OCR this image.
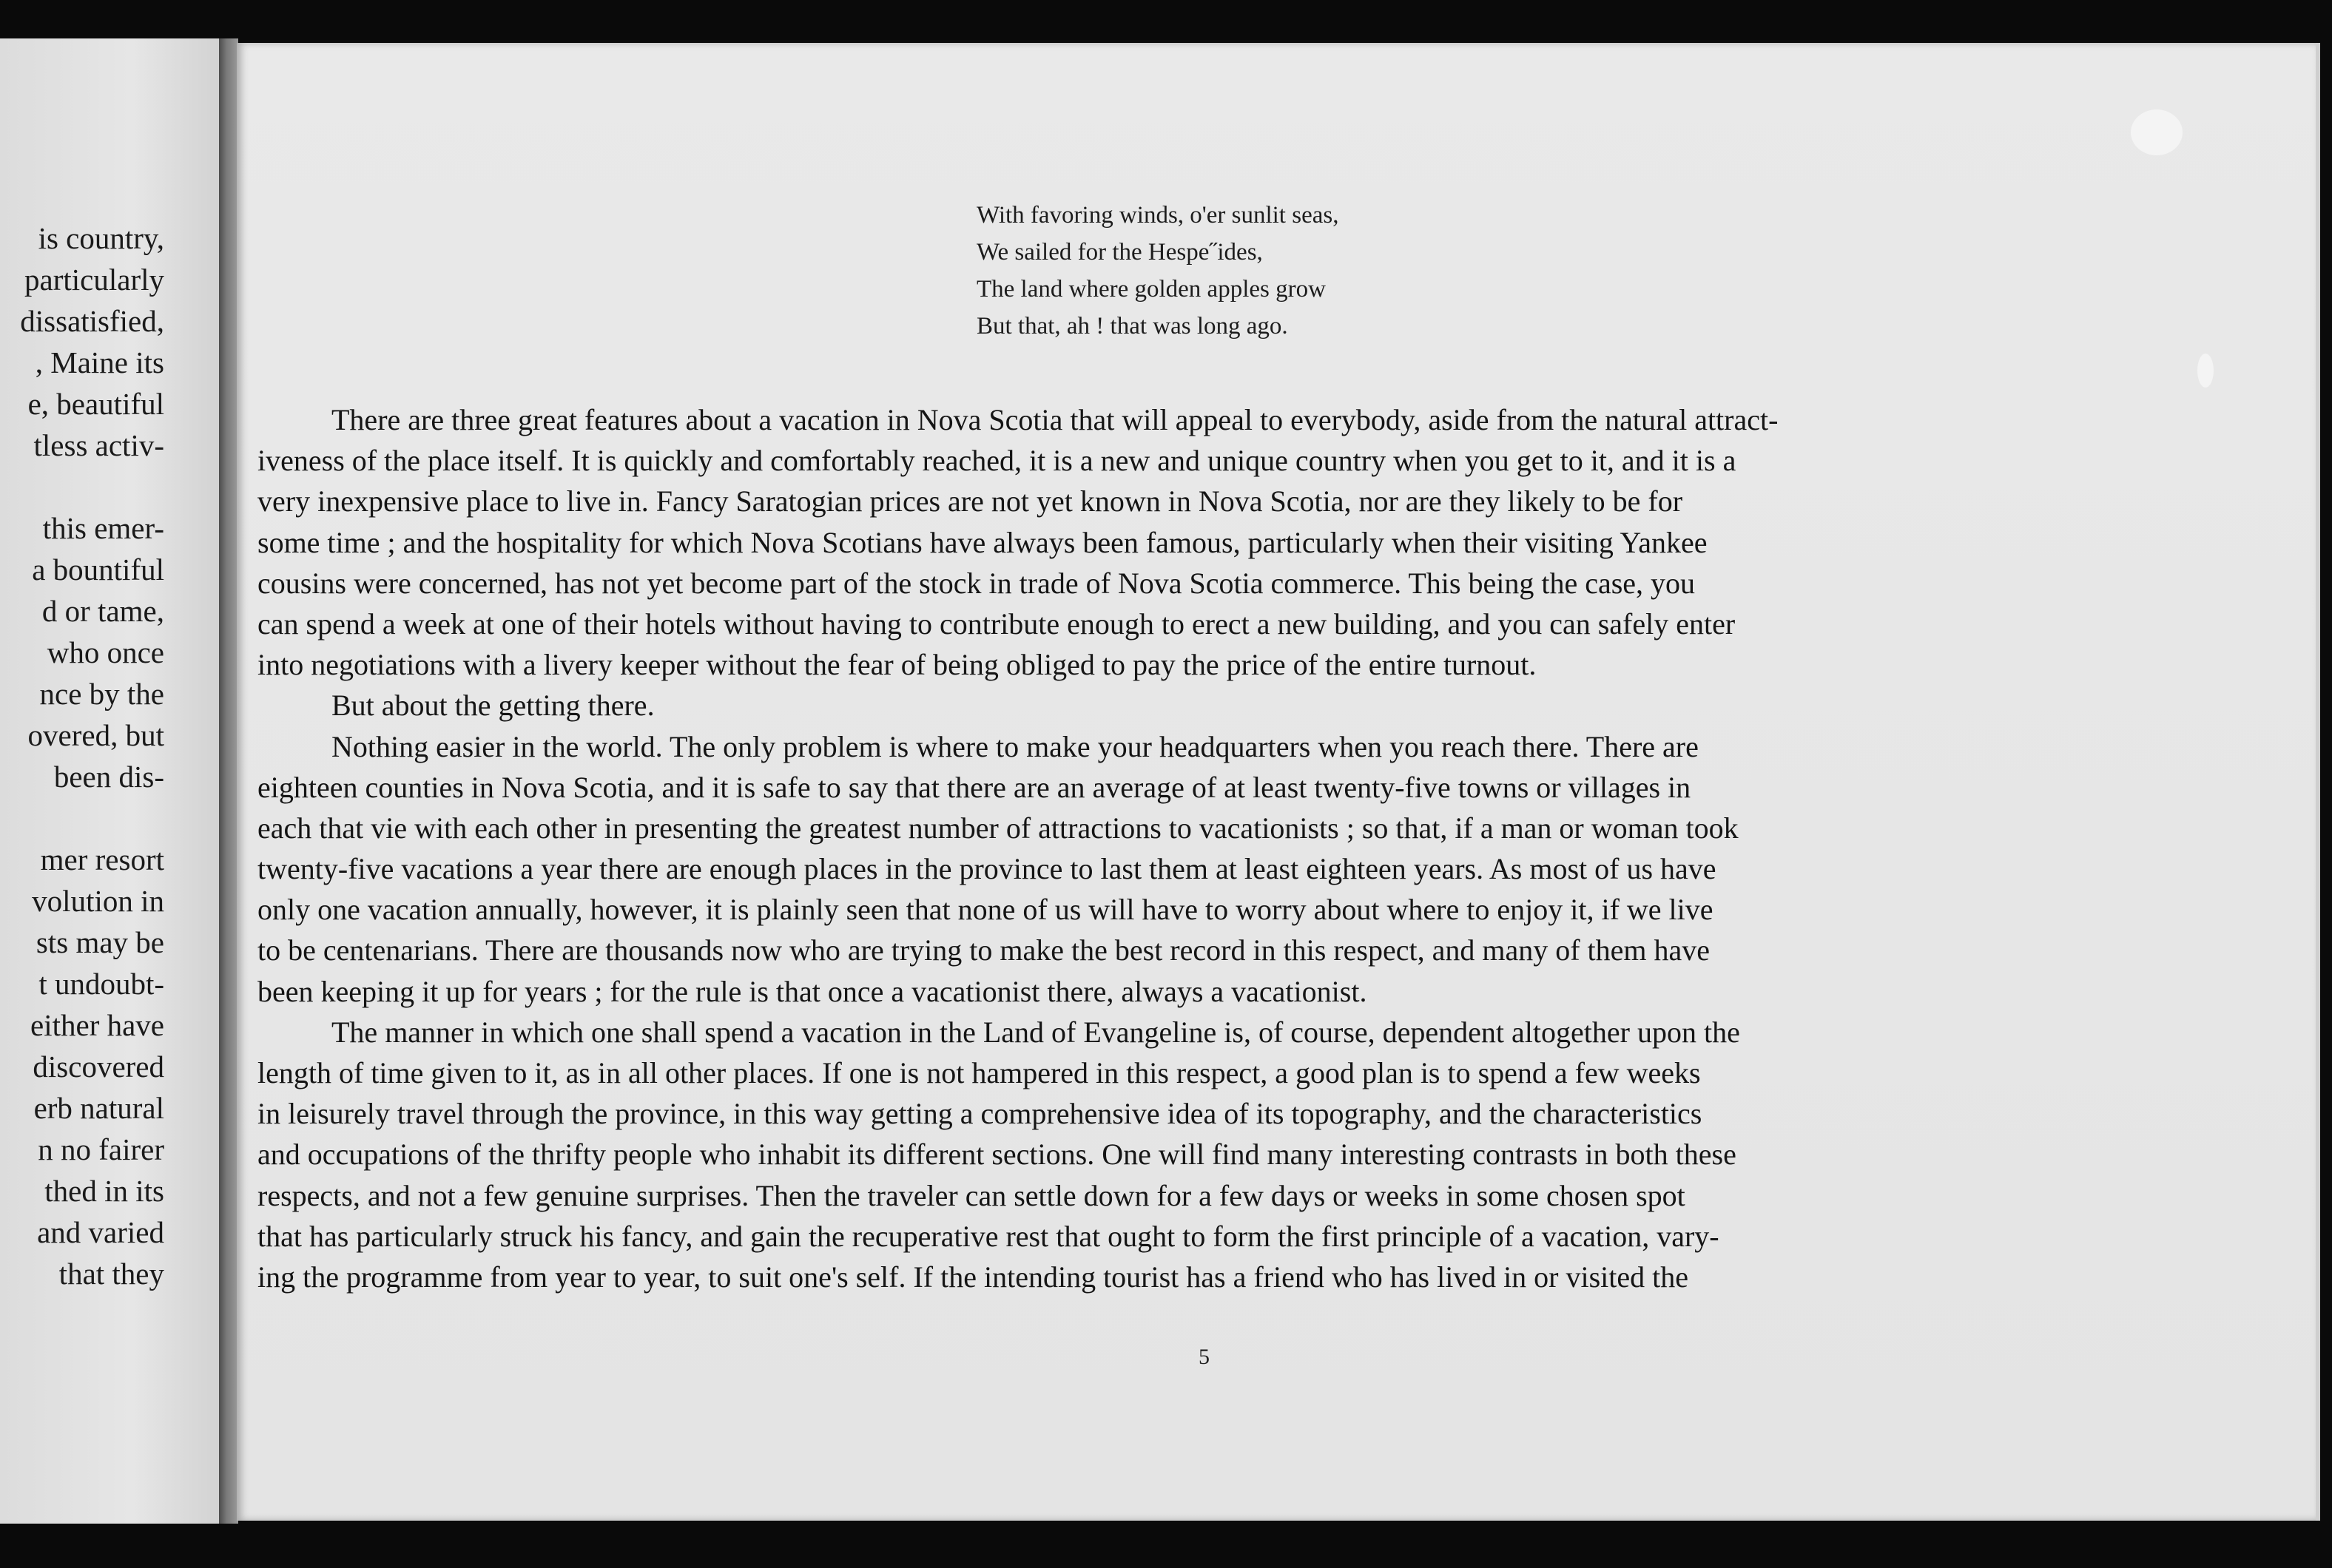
is country,
particularly
dissatisfied,
, Maine its
e, beautiful
tless activ-
this emer-
a bountiful
d or tame,
who once
nce by the
overed, but
been dis-
mer resort
volution in
sts may be
t undoubt-
either have
discovered
erb natural
n no fairer
thed in its
and varied
that they
With favoring winds, o'er sunlit seas,
We sailed for the Hespe˝ides,
The land where golden apples grow
But that, ah ! that was long ago.
There are three great features about a vacation in Nova Scotia that will appeal to everybody, aside from the natural attract-
iveness of the place itself. It is quickly and comfortably reached, it is a new and unique country when you get to it, and it is a
very inexpensive place to live in. Fancy Saratogian prices are not yet known in Nova Scotia, nor are they likely to be for
some time ; and the hospitality for which Nova Scotians have always been famous, particularly when their visiting Yankee
cousins were concerned, has not yet become part of the stock in trade of Nova Scotia commerce. This being the case, you
can spend a week at one of their hotels without having to contribute enough to erect a new building, and you can safely enter
into negotiations with a livery keeper without the fear of being obliged to pay the price of the entire turnout.
But about the getting there.
Nothing easier in the world. The only problem is where to make your headquarters when you reach there. There are
eighteen counties in Nova Scotia, and it is safe to say that there are an average of at least twenty-five towns or villages in
each that vie with each other in presenting the greatest number of attractions to vacationists ; so that, if a man or woman took
twenty-five vacations a year there are enough places in the province to last them at least eighteen years. As most of us have
only one vacation annually, however, it is plainly seen that none of us will have to worry about where to enjoy it, if we live
to be centenarians. There are thousands now who are trying to make the best record in this respect, and many of them have
been keeping it up for years ; for the rule is that once a vacationist there, always a vacationist.
The manner in which one shall spend a vacation in the Land of Evangeline is, of course, dependent altogether upon the
length of time given to it, as in all other places. If one is not hampered in this respect, a good plan is to spend a few weeks
in leisurely travel through the province, in this way getting a comprehensive idea of its topography, and the characteristics
and occupations of the thrifty people who inhabit its different sections. One will find many interesting contrasts in both these
respects, and not a few genuine surprises. Then the traveler can settle down for a few days or weeks in some chosen spot
that has particularly struck his fancy, and gain the recuperative rest that ought to form the first principle of a vacation, vary-
ing the programme from year to year, to suit one's self. If the intending tourist has a friend who has lived in or visited the
5
